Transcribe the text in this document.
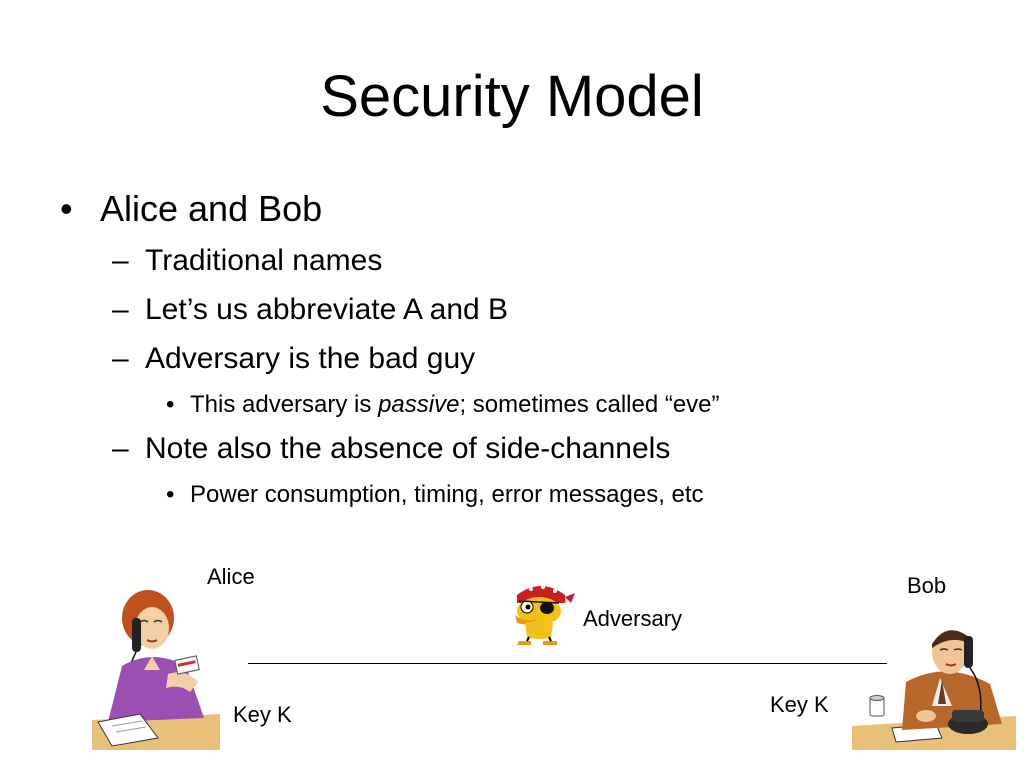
Security Model
• Alice and Bob
– Traditional names
– Let’s us abbreviate A and B
– Adversary is the bad guy
• This adversary is passive; sometimes called “eve”
– Note also the absence of side-channels
• Power consumption, timing, error messages, etc
Alice	Bob
Adversary
Key K	Key K
